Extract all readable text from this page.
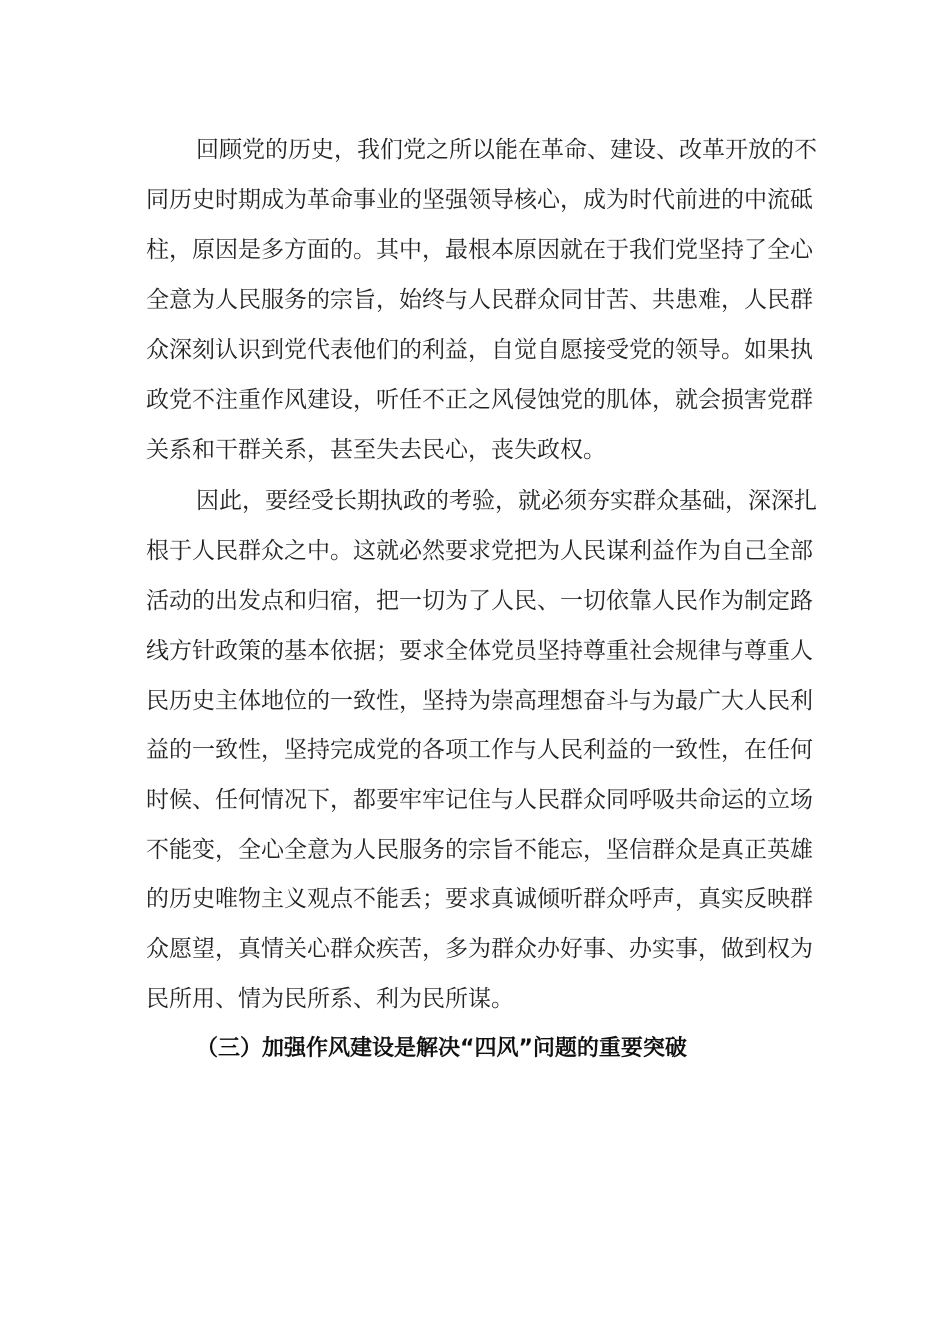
回顾党的历史，我们党之所以能在革命、建设、改革开放的不
同历史时期成为革命事业的坚强领导核心，成为时代前进的中流砥
柱，原因是多方面的。其中，最根本原因就在于我们党坚持了全心
全意为人民服务的宗旨，始终与人民群众同甘苦、共患难，人民群
众深刻认识到党代表他们的利益，自觉自愿接受党的领导。如果执
政党不注重作风建设，听任不正之风侵蚀党的肌体，就会损害党群
关系和干群关系，甚至失去民心，丧失政权。
因此，要经受长期执政的考验，就必须夯实群众基础，深深扎
根于人民群众之中。这就必然要求党把为人民谋利益作为自己全部
活动的出发点和归宿，把一切为了人民、一切依靠人民作为制定路
线方针政策的基本依据；要求全体党员坚持尊重社会规律与尊重人
民历史主体地位的一致性，坚持为崇高理想奋斗与为最广大人民利
益的一致性，坚持完成党的各项工作与人民利益的一致性，在任何
时候、任何情况下，都要牢牢记住与人民群众同呼吸共命运的立场
不能变，全心全意为人民服务的宗旨不能忘，坚信群众是真正英雄
的历史唯物主义观点不能丢；要求真诚倾听群众呼声，真实反映群
众愿望，真情关心群众疾苦，多为群众办好事、办实事，做到权为
民所用、情为民所系、利为民所谋。
（三）加强作风建设是解决“四风”问题的重要突破
